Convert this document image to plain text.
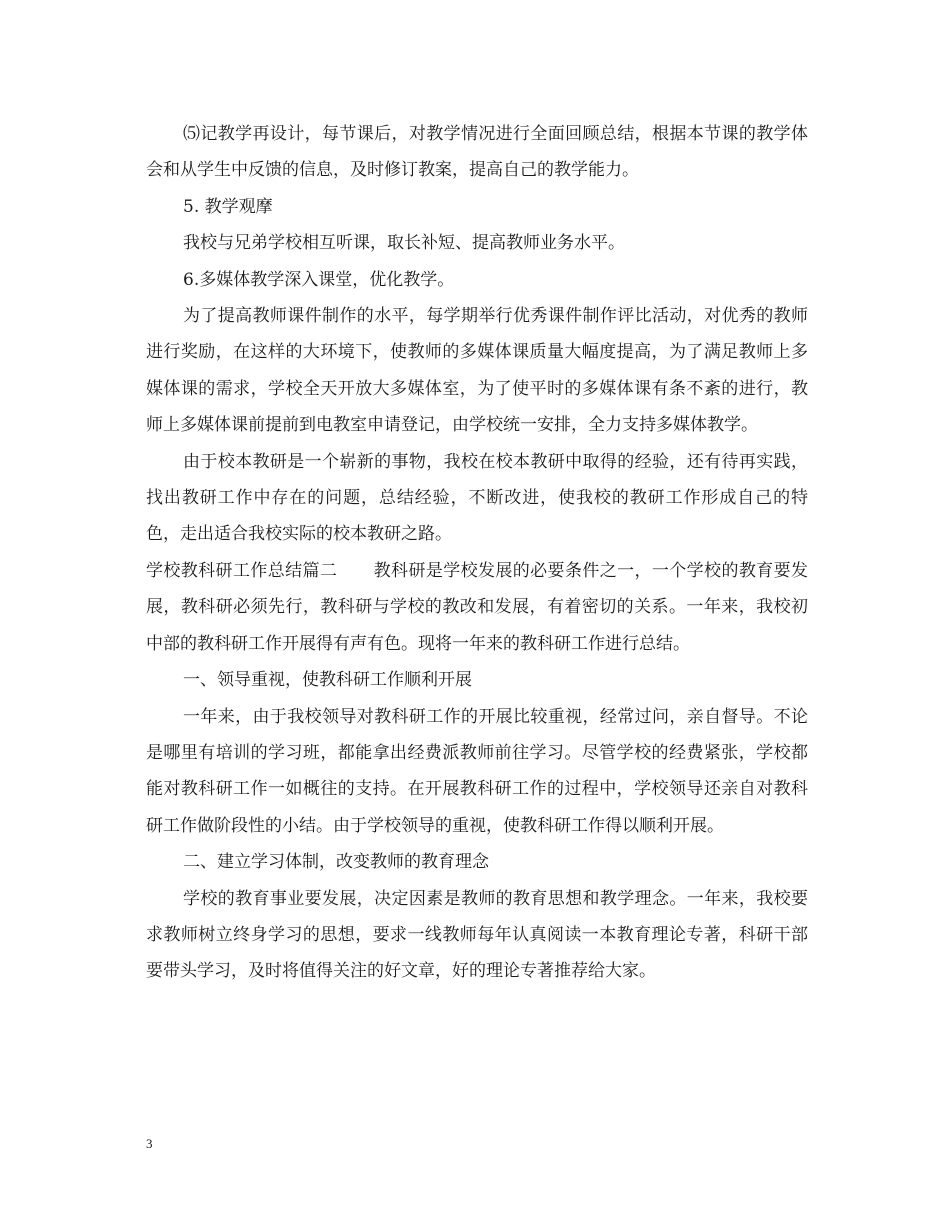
⑸记教学再设计，每节课后，对教学情况进行全面回顾总结，根据本节课的教学体会和从学生中反馈的信息，及时修订教案，提高自己的教学能力。

5. 教学观摩

我校与兄弟学校相互听课，取长补短、提高教师业务水平。

6.多媒体教学深入课堂，优化教学。

为了提高教师课件制作的水平，每学期举行优秀课件制作评比活动，对优秀的教师进行奖励，在这样的大环境下，使教师的多媒体课质量大幅度提高，为了满足教师上多媒体课的需求，学校全天开放大多媒体室，为了使平时的多媒体课有条不紊的进行，教师上多媒体课前提前到电教室申请登记，由学校统一安排，全力支持多媒体教学。

由于校本教研是一个崭新的事物，我校在校本教研中取得的经验，还有待再实践，找出教研工作中存在的问题，总结经验，不断改进，使我校的教研工作形成自己的特色，走出适合我校实际的校本教研之路。

学校教科研工作总结篇二 教科研是学校发展的必要条件之一，一个学校的教育要发展，教科研必须先行，教科研与学校的教改和发展，有着密切的关系。一年来，我校初中部的教科研工作开展得有声有色。现将一年来的教科研工作进行总结。

一、领导重视，使教科研工作顺利开展

一年来，由于我校领导对教科研工作的开展比较重视，经常过问，亲自督导。不论是哪里有培训的学习班，都能拿出经费派教师前往学习。尽管学校的经费紧张，学校都能对教科研工作一如概往的支持。在开展教科研工作的过程中，学校领导还亲自对教科研工作做阶段性的小结。由于学校领导的重视，使教科研工作得以顺利开展。

二、建立学习体制，改变教师的教育理念

学校的教育事业要发展，决定因素是教师的教育思想和教学理念。一年来，我校要求教师树立终身学习的思想，要求一线教师每年认真阅读一本教育理论专著，科研干部要带头学习，及时将值得关注的好文章，好的理论专著推荐给大家。

3
